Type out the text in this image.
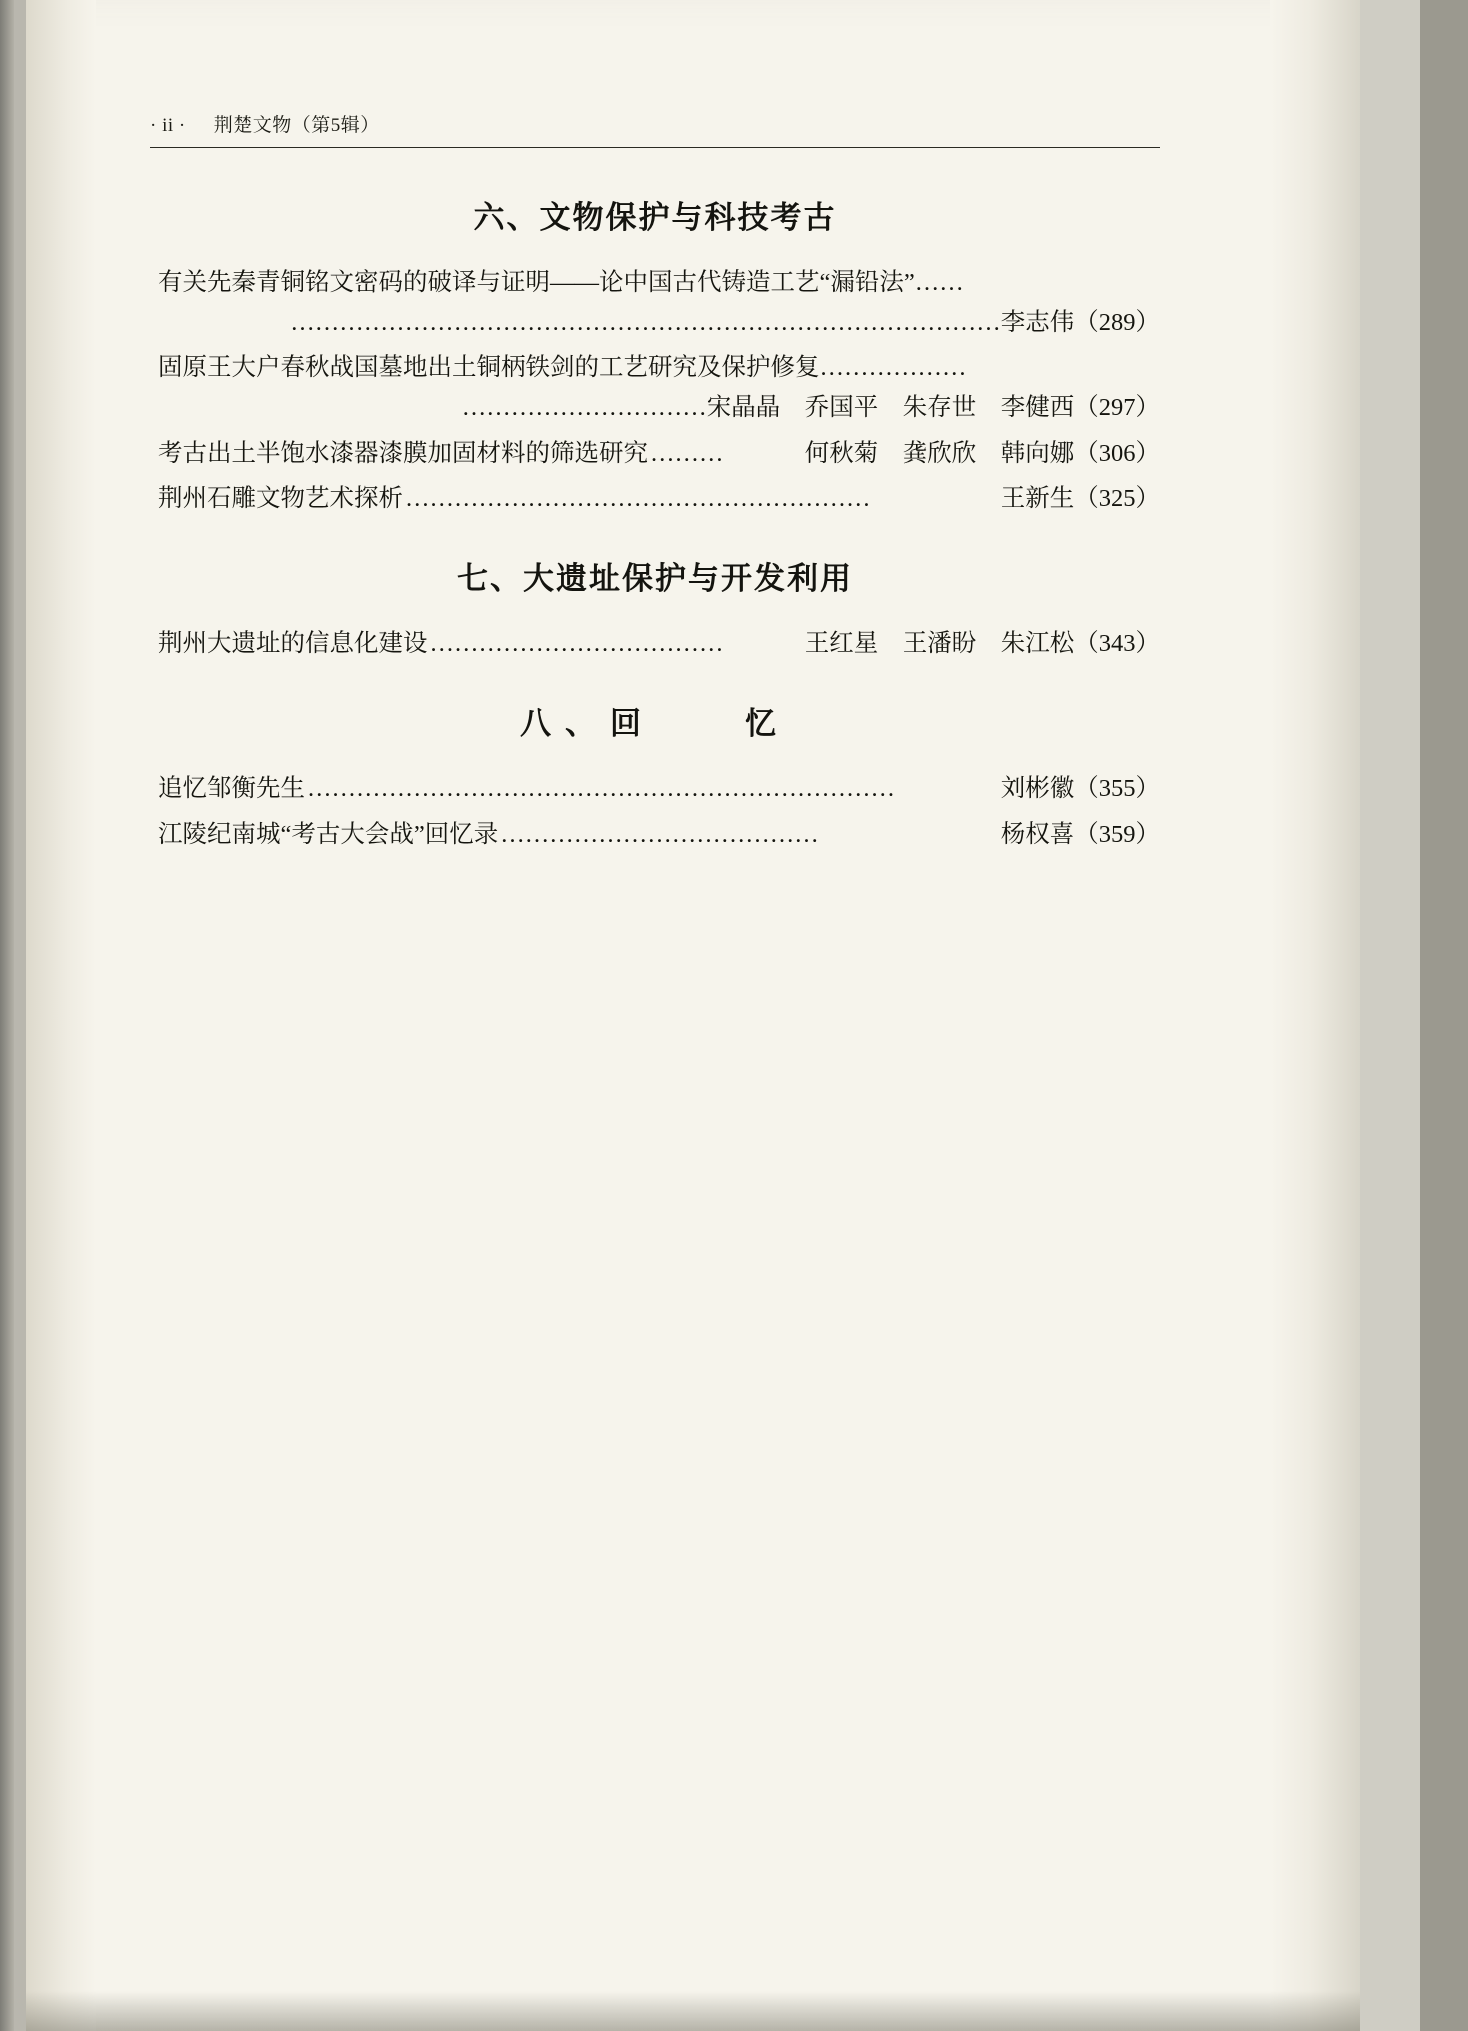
· ii · 荆楚文物（第5辑）
六、文物保护与科技考古
有关先秦青铜铭文密码的破译与证明——论中国古代铸造工艺“漏铅法”……
……………………………………………………………………………李志伟（289）
固原王大户春秋战国墓地出土铜柄铁剑的工艺研究及保护修复………………
…………………………宋晶晶　乔国平　朱存世　李健西（297）
考古出土半饱水漆器漆膜加固材料的筛选研究 ………	何秋菊　龚欣欣　韩向娜（306）
荆州石雕文物艺术探析 …………………………………………………	王新生（325）
七、大遗址保护与开发利用
荆州大遗址的信息化建设 ………………………………	王红星　王潘盼　朱江松（343）
八、回　　忆
追忆邹衡先生 ………………………………………………………………	刘彬徽（355）
江陵纪南城“考古大会战”回忆录 …………………………………	杨权喜（359）
